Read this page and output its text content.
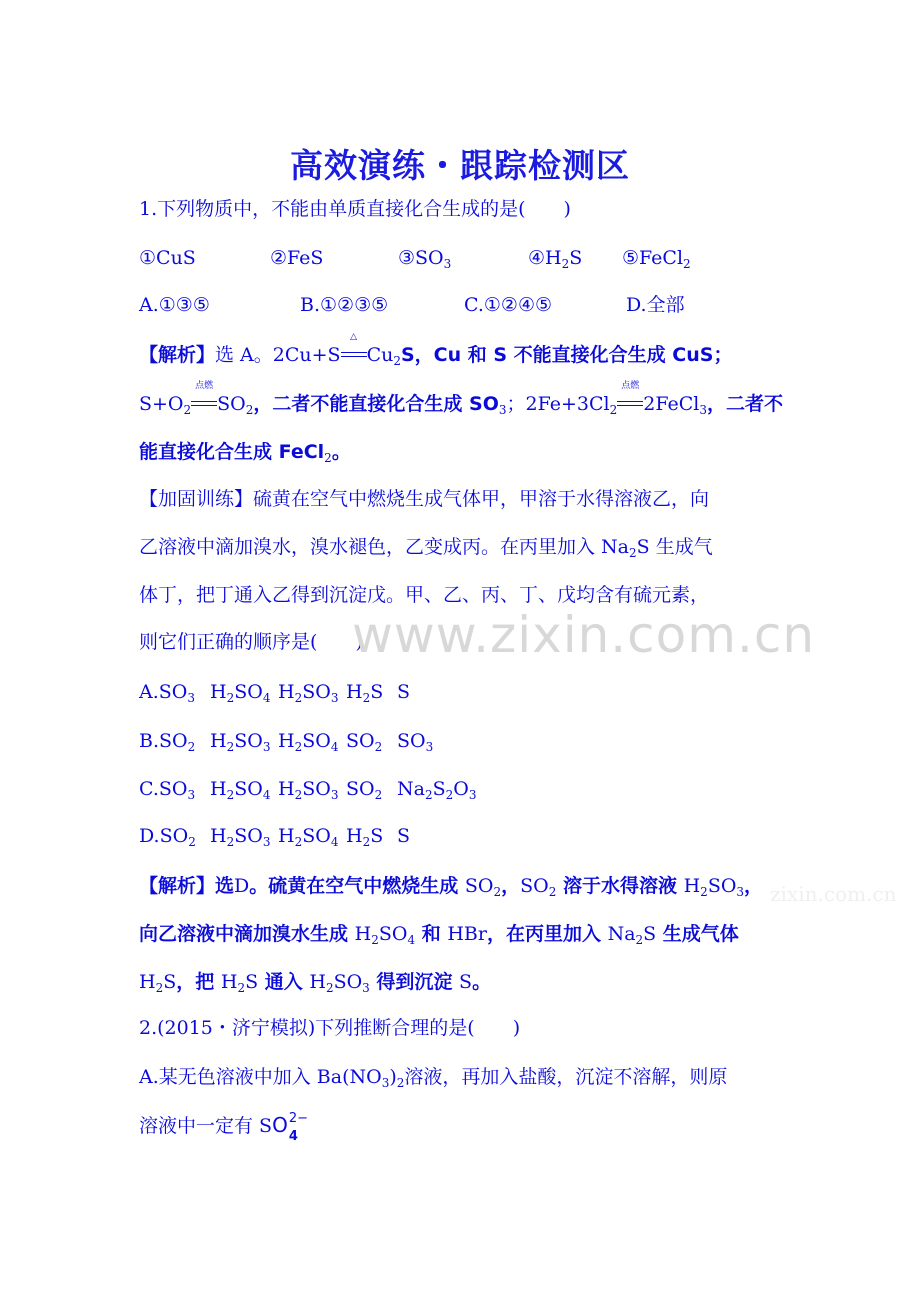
高效演练・跟踪检测区
1.下列物质中，不能由单质直接化合生成的是(　　)
①CuS	②FeS	$③SO_3$	$④H_2S$ ⑤FeCl$_2$
A.①③⑤	B.①②③⑤	C.①②④⑤	D.全部
【解析】选 A。2Cu+S
△
$Cu_2S$，Cu 和 S 不能直接化合生成 CuS；
$S+O_2$
点燃
$SO_2$，二者不能直接化合生成 $SO_3$；$2Fe+3Cl_2$
点燃
2FeCl$_3$，二者不
能直接化合生成 FeCl$_2$。
【加固训练】硫黄在空气中燃烧生成气体甲，甲溶于水得溶液乙，向
乙溶液中滴加溴水，溴水褪色，乙变成丙。在丙里加入 $Na_2S$ 生成气
体丁，把丁通入乙得到沉淀戊。甲、乙、丙、丁、戊均含有硫元素，
则它们正确的顺序是(　　)
www.zixin.com.cn
$A.SO_3$ $H_2SO_4$ $H_2SO_3$ $H_2S$ S
$B.SO_2$ $H_2SO_3$ $H_2SO_4$ $SO_2$ $SO_3$
$C.SO_3$ $H_2SO_4$ $H_2SO_3$ $SO_2$ $Na_2S_2O_3$
$D.SO_2$ $H_2SO_3$ $H_2SO_4$ $H_2S$ S
【解析】选D。硫黄在空气中燃烧生成 $SO_2$，$SO_2$ 溶于水得溶液 $H_2SO_3$， zixin.com.cn
向乙溶液中滴加溴水生成 $H_2SO_4$ 和 HBr，在丙里加入 $Na_2S$ 生成气体
$H_2S$，把 $H_2S$ 通入 $H_2SO_3$ 得到沉淀 S。
2.(2015・济宁模拟)下列推断合理的是(　　)
A.某无色溶液中加入 $Ba(NO_3)_2$溶液，再加入盐酸，沉淀不溶解，则原
溶液中一定有 SO 2−
4
